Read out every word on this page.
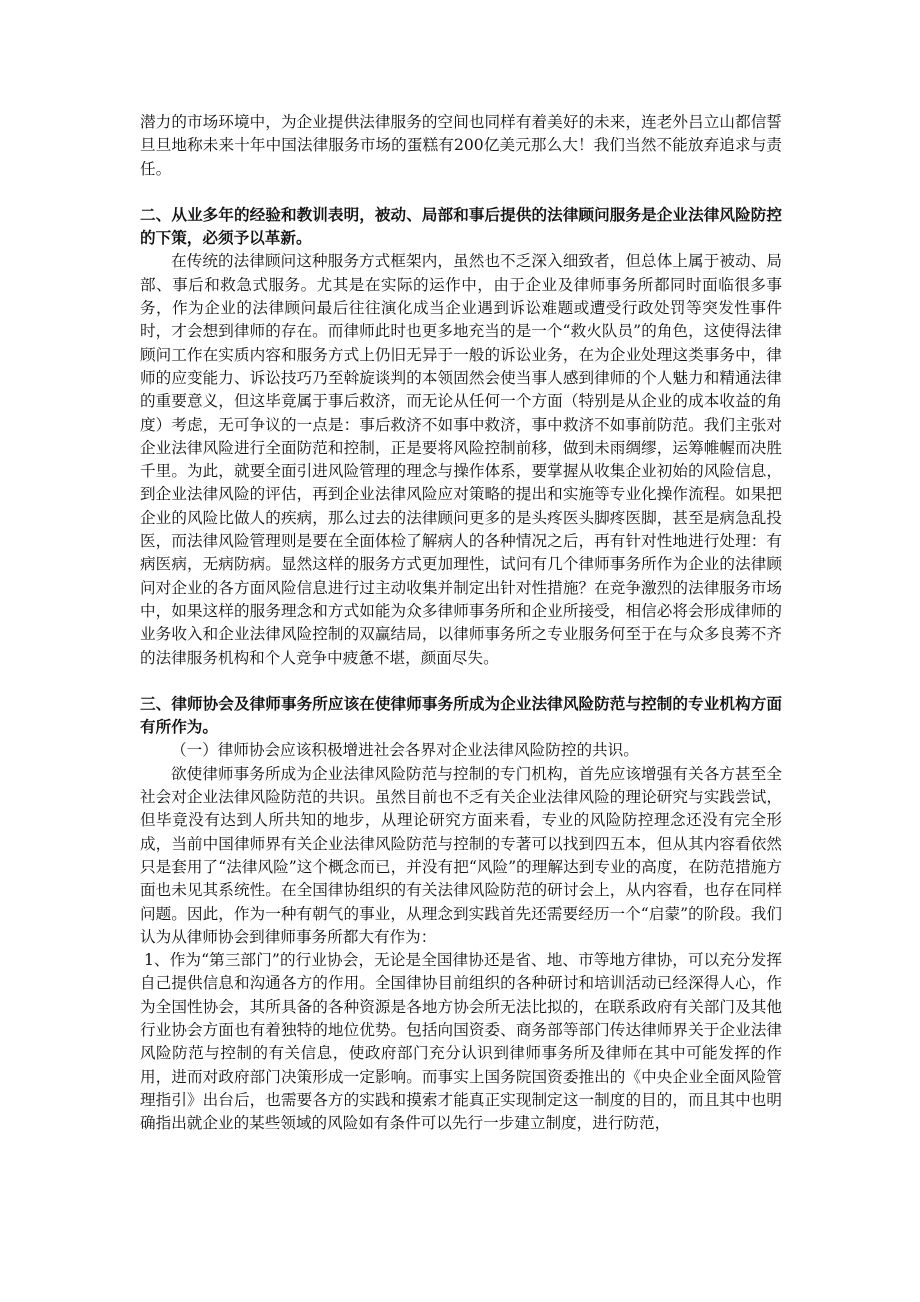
潜力的市场环境中，为企业提供法律服务的空间也同样有着美好的未来，连老外吕立山都信誓旦旦地称未来十年中国法律服务市场的蛋糕有200亿美元那么大！我们当然不能放弃追求与责任。

二、从业多年的经验和教训表明，被动、局部和事后提供的法律顾问服务是企业法律风险防控的下策，必须予以革新。

在传统的法律顾问这种服务方式框架内，虽然也不乏深入细致者，但总体上属于被动、局部、事后和救急式服务。尤其是在实际的运作中，由于企业及律师事务所都同时面临很多事务，作为企业的法律顾问最后往往演化成当企业遇到诉讼难题或遭受行政处罚等突发性事件时，才会想到律师的存在。而律师此时也更多地充当的是一个“救火队员”的角色，这使得法律顾问工作在实质内容和服务方式上仍旧无异于一般的诉讼业务，在为企业处理这类事务中，律师的应变能力、诉讼技巧乃至斡旋谈判的本领固然会使当事人感到律师的个人魅力和精通法律的重要意义，但这毕竟属于事后救济，而无论从任何一个方面（特别是从企业的成本收益的角度）考虑，无可争议的一点是：事后救济不如事中救济，事中救济不如事前防范。我们主张对企业法律风险进行全面防范和控制，正是要将风险控制前移，做到未雨绸缪，运筹帷幄而决胜千里。为此，就要全面引进风险管理的理念与操作体系，要掌握从收集企业初始的风险信息，到企业法律风险的评估，再到企业法律风险应对策略的提出和实施等专业化操作流程。如果把企业的风险比做人的疾病，那么过去的法律顾问更多的是头疼医头脚疼医脚，甚至是病急乱投医，而法律风险管理则是要在全面体检了解病人的各种情况之后，再有针对性地进行处理：有病医病，无病防病。显然这样的服务方式更加理性，试问有几个律师事务所作为企业的法律顾问对企业的各方面风险信息进行过主动收集并制定出针对性措施？在竞争激烈的法律服务市场中，如果这样的服务理念和方式如能为众多律师事务所和企业所接受，相信必将会形成律师的业务收入和企业法律风险控制的双赢结局，以律师事务所之专业服务何至于在与众多良莠不齐的法律服务机构和个人竞争中疲惫不堪，颜面尽失。

三、律师协会及律师事务所应该在使律师事务所成为企业法律风险防范与控制的专业机构方面有所作为。

（一）律师协会应该积极增进社会各界对企业法律风险防控的共识。

欲使律师事务所成为企业法律风险防范与控制的专门机构，首先应该增强有关各方甚至全社会对企业法律风险防范的共识。虽然目前也不乏有关企业法律风险的理论研究与实践尝试，但毕竟没有达到人所共知的地步，从理论研究方面来看，专业的风险防控理念还没有完全形成，当前中国律师界有关企业法律风险防范与控制的专著可以找到四五本，但从其内容看依然只是套用了“法律风险”这个概念而已，并没有把“风险”的理解达到专业的高度，在防范措施方面也未见其系统性。在全国律协组织的有关法律风险防范的研讨会上，从内容看，也存在同样问题。因此，作为一种有朝气的事业，从理念到实践首先还需要经历一个“启蒙”的阶段。我们认为从律师协会到律师事务所都大有作为：

1、作为“第三部门”的行业协会，无论是全国律协还是省、地、市等地方律协，可以充分发挥自己提供信息和沟通各方的作用。全国律协目前组织的各种研讨和培训活动已经深得人心，作为全国性协会，其所具备的各种资源是各地方协会所无法比拟的，在联系政府有关部门及其他行业协会方面也有着独特的地位优势。包括向国资委、商务部等部门传达律师界关于企业法律风险防范与控制的有关信息，使政府部门充分认识到律师事务所及律师在其中可能发挥的作用，进而对政府部门决策形成一定影响。而事实上国务院国资委推出的《中央企业全面风险管理指引》出台后，也需要各方的实践和摸索才能真正实现制定这一制度的目的，而且其中也明确指出就企业的某些领域的风险如有条件可以先行一步建立制度，进行防范，
